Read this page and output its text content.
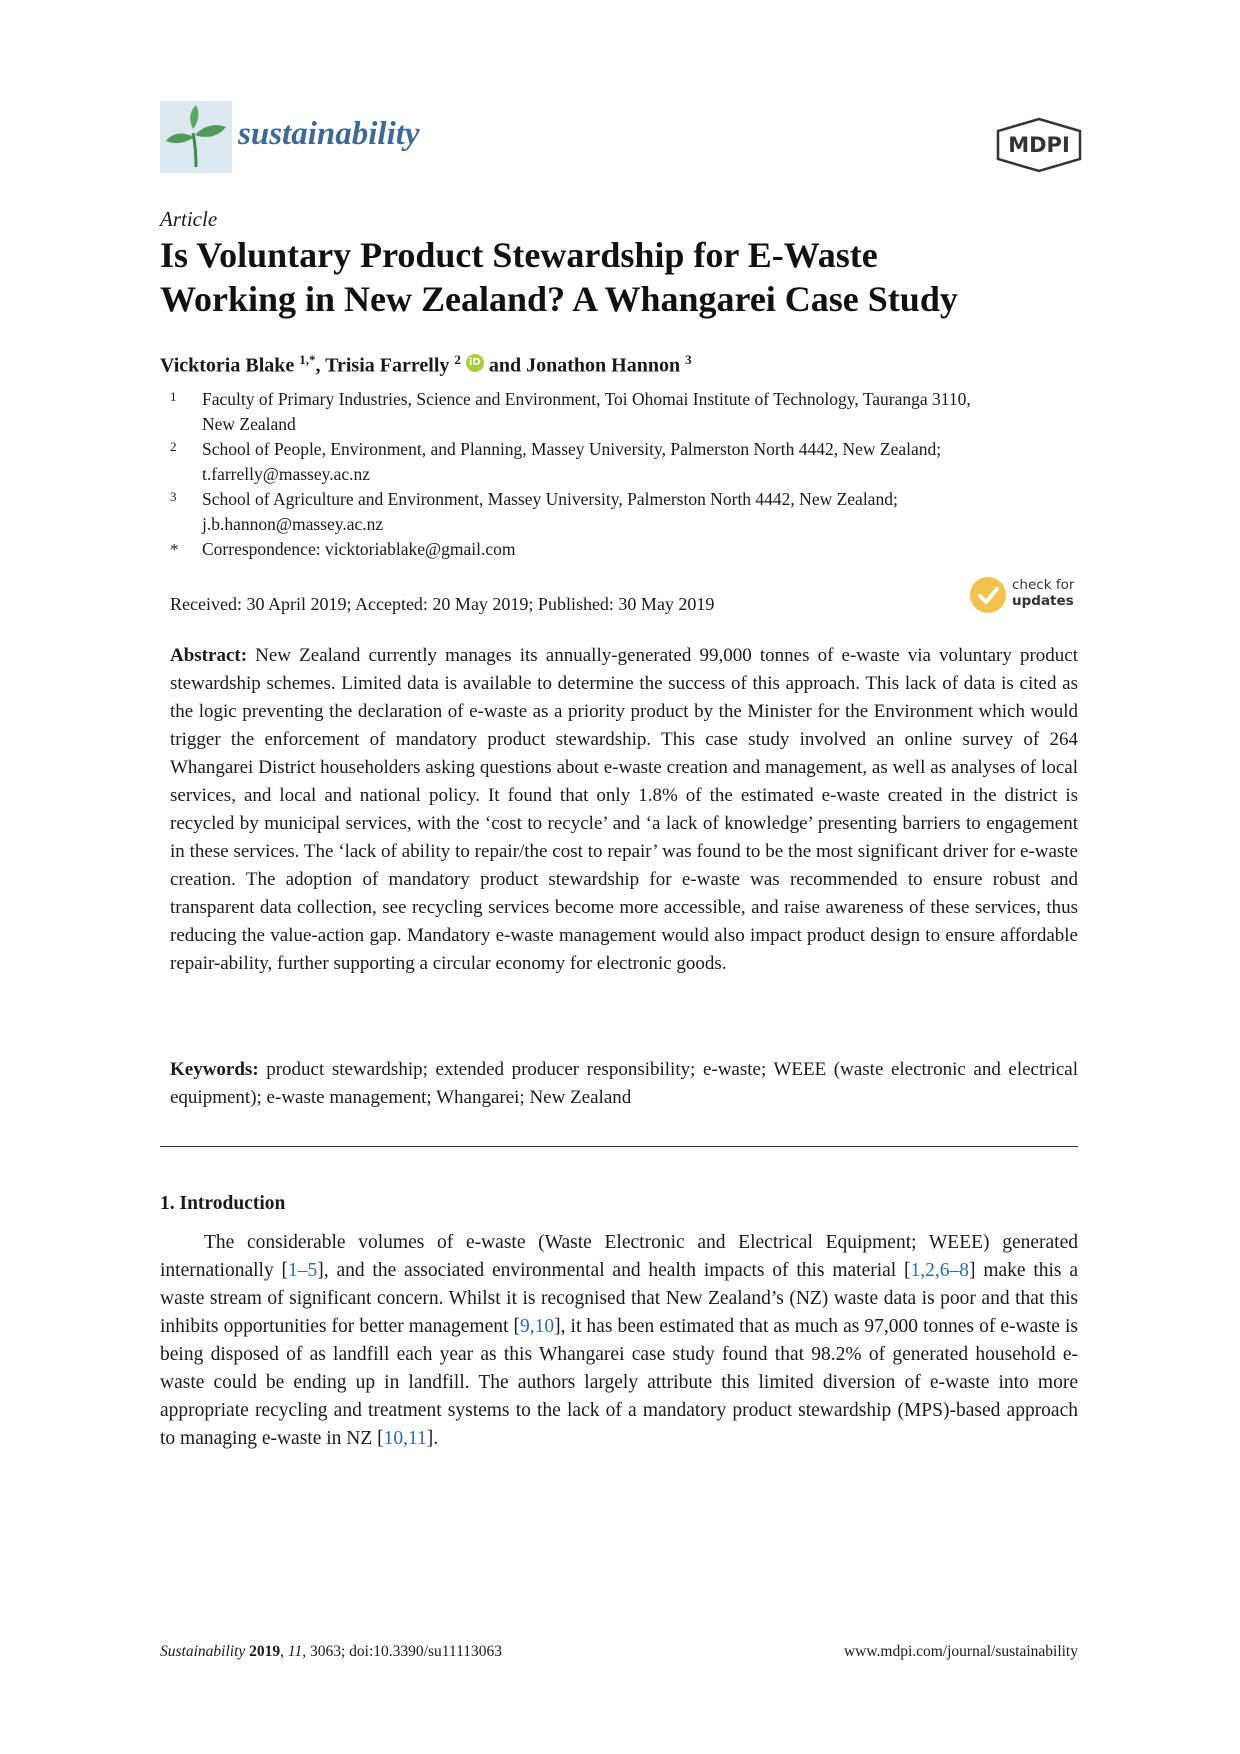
sustainability	MDPI
Article
Is Voluntary Product Stewardship for E-Waste
Working in New Zealand? A Whangarei Case Study
Vicktoria Blake $^{1,*}$, Trisia Farrelly $^2$ iD and Jonathon Hannon $^3$
1 Faculty of Primary Industries, Science and Environment, Toi Ohomai Institute of Technology, Tauranga 3110,
New Zealand
2 School of People, Environment, and Planning, Massey University, Palmerston North 4442, New Zealand;
t.farrelly@massey.ac.nz
3 School of Agriculture and Environment, Massey University, Palmerston North 4442, New Zealand;
j.b.hannon@massey.ac.nz
* Correspondence: vicktoriablake@gmail.com
Received: 30 April 2019; Accepted: 20 May 2019; Published: 30 May 2019
check for
updates
Abstract: New Zealand currently manages its annually-generated 99,000 tonnes of e-waste via voluntary product stewardship schemes. Limited data is available to determine the success of this approach. This lack of data is cited as the logic preventing the declaration of e-waste as a priority product by the Minister for the Environment which would trigger the enforcement of mandatory product stewardship. This case study involved an online survey of 264 Whangarei District householders asking questions about e-waste creation and management, as well as analyses of local services, and local and national policy. It found that only 1.8% of the estimated e-waste created in the district is recycled by municipal services, with the ‘cost to recycle’ and ‘a lack of knowledge’ presenting barriers to engagement in these services. The ‘lack of ability to repair/the cost to repair’ was found to be the most significant driver for e-waste creation. The adoption of mandatory product stewardship for e-waste was recommended to ensure robust and transparent data collection, see recycling services become more accessible, and raise awareness of these services, thus reducing the value-action gap. Mandatory e-waste management would also impact product design to ensure affordable repair-ability, further supporting a circular economy for electronic goods.
Keywords: product stewardship; extended producer responsibility; e-waste; WEEE (waste electronic and electrical equipment); e-waste management; Whangarei; New Zealand
1. Introduction
The considerable volumes of e-waste (Waste Electronic and Electrical Equipment; WEEE) generated internationally [1–5], and the associated environmental and health impacts of this material [1,2,6–8] make this a waste stream of significant concern. Whilst it is recognised that New Zealand’s (NZ) waste data is poor and that this inhibits opportunities for better management [9,10], it has been estimated that as much as 97,000 tonnes of e-waste is being disposed of as landfill each year as this Whangarei case study found that 98.2% of generated household e-waste could be ending up in landfill. The authors largely attribute this limited diversion of e-waste into more appropriate recycling and treatment systems to the lack of a mandatory product stewardship (MPS)-based approach to managing e-waste in NZ [10,11].
Sustainability 2019, 11, 3063; doi:10.3390/su11113063	www.mdpi.com/journal/sustainability
